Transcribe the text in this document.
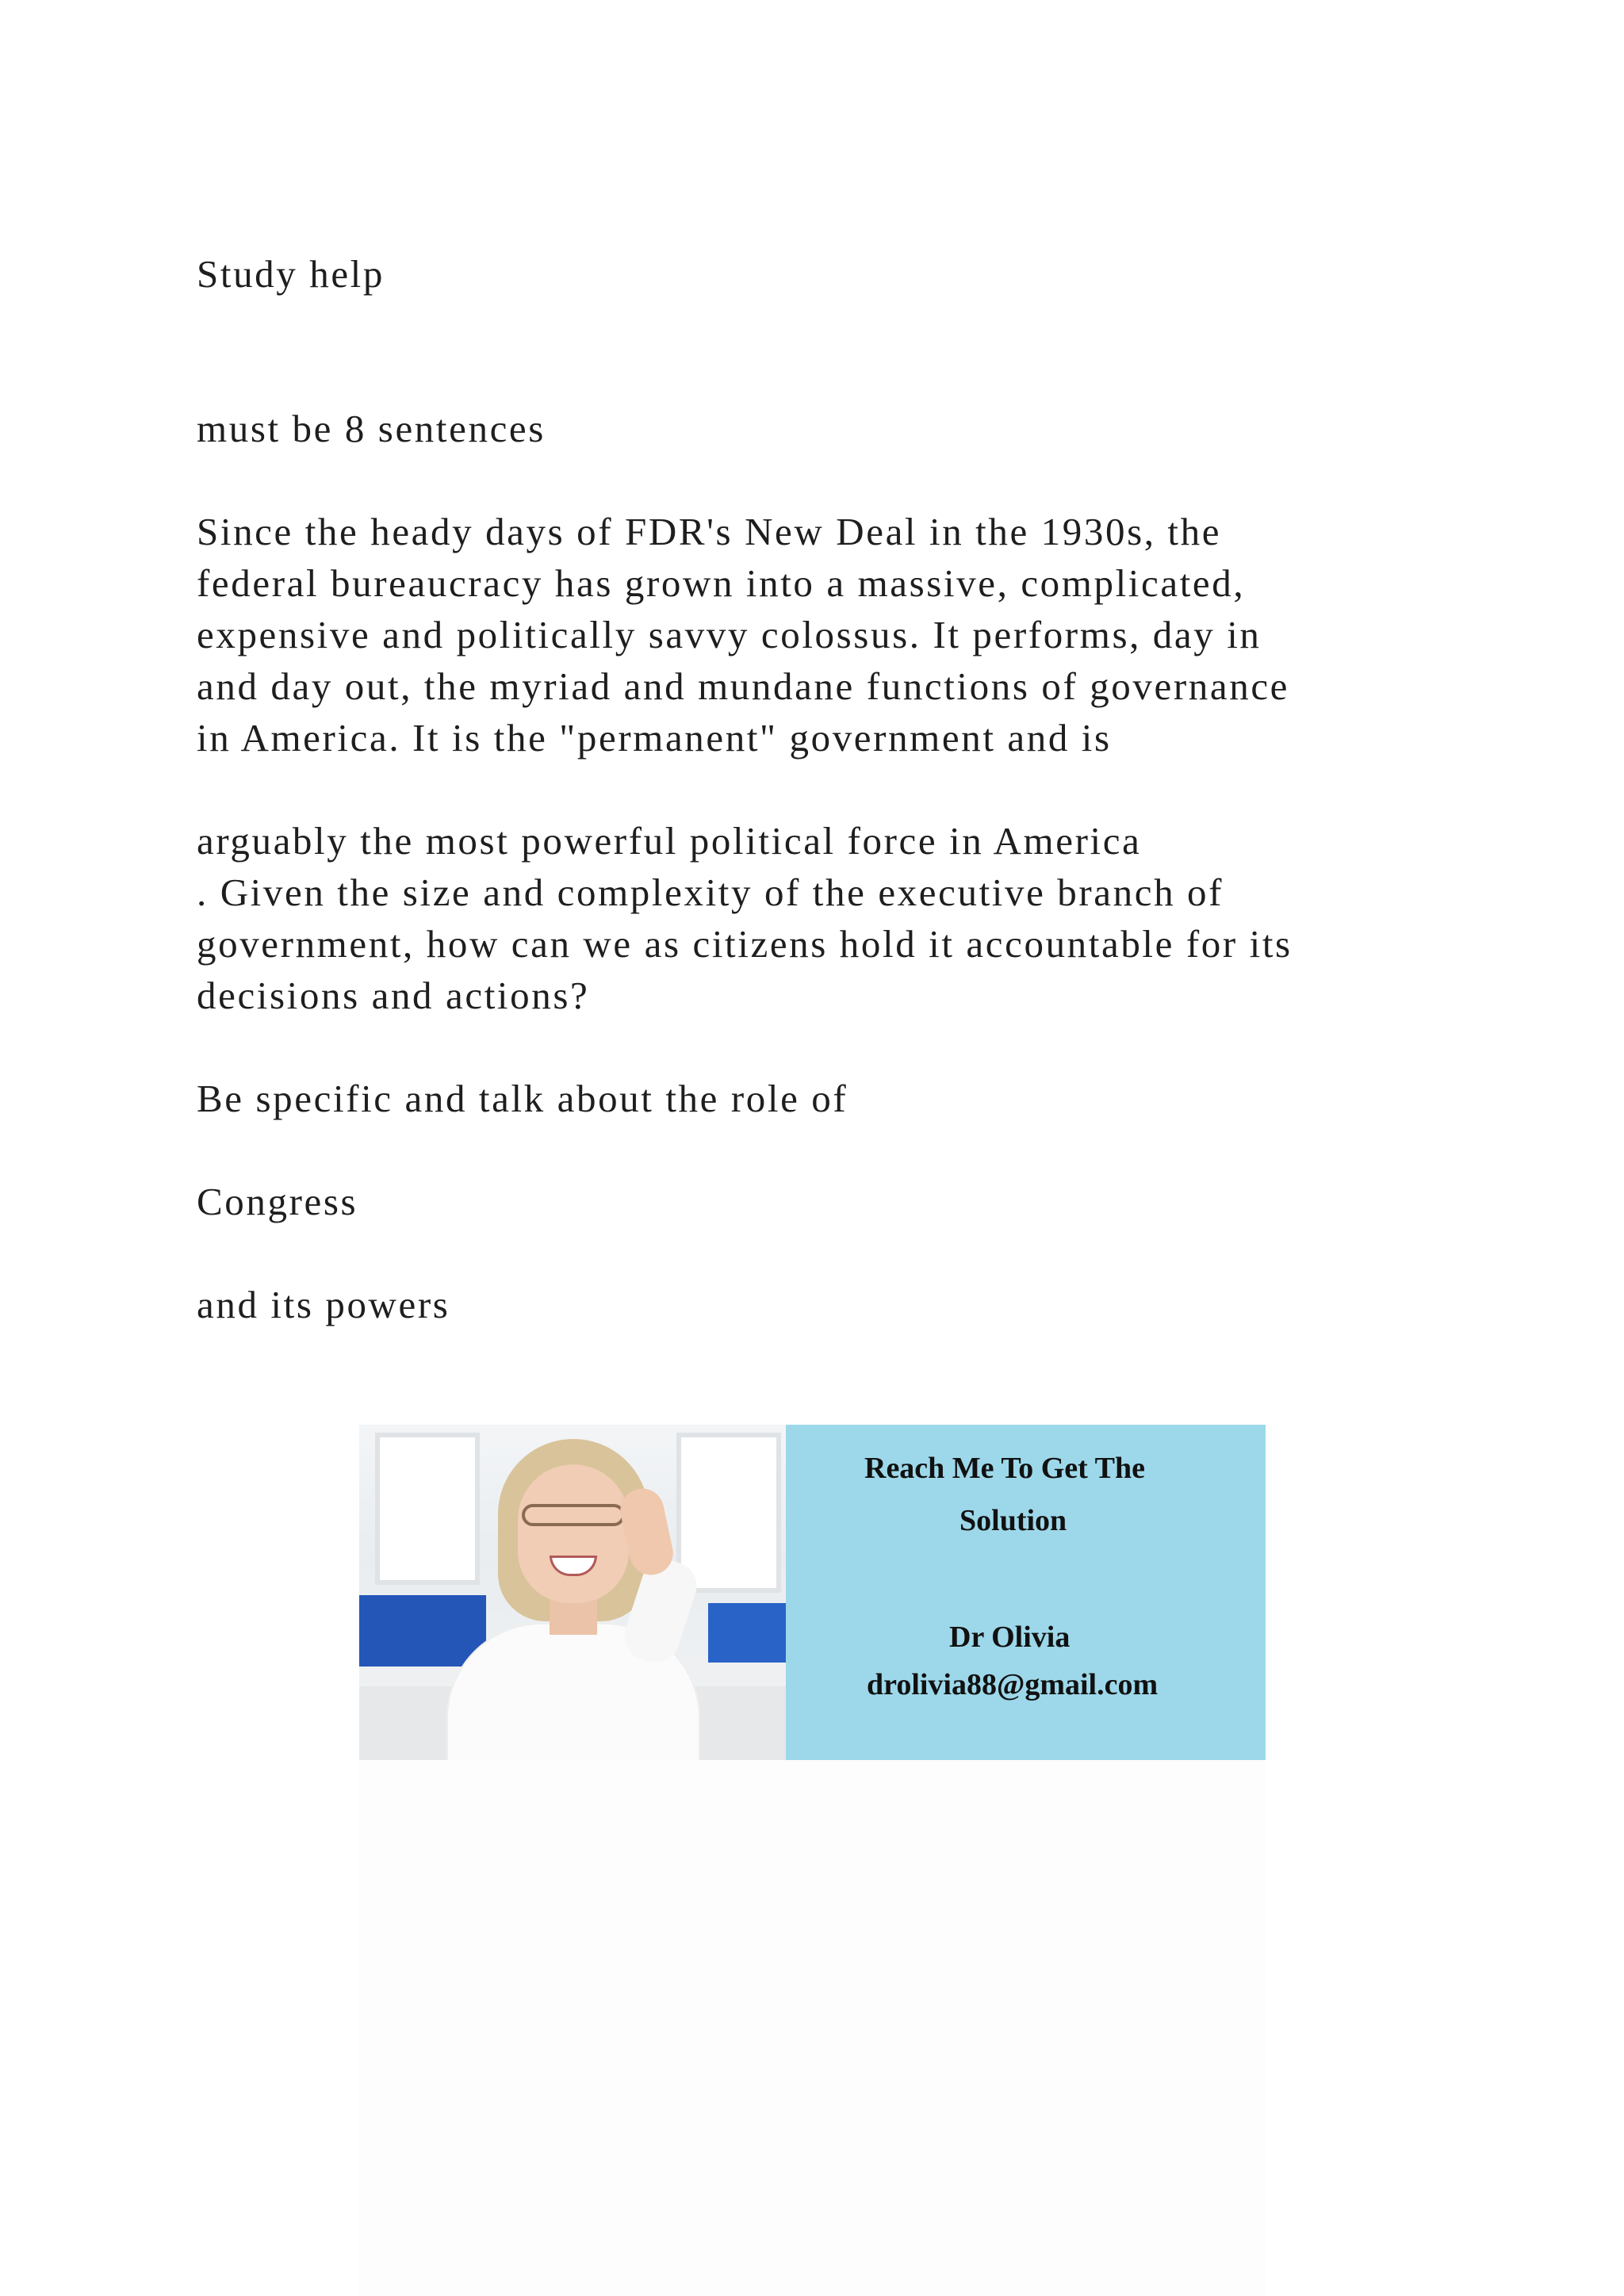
Study help

must be 8 sentences

Since the heady days of FDR's New Deal in the 1930s, the
federal bureaucracy has grown into a massive, complicated,
expensive and politically savvy colossus. It performs, day in
and day out, the myriad and mundane functions of governance
in America. It is the "permanent" government and is

arguably the most powerful political force in America
. Given the size and complexity of the executive branch of
government, how can we as citizens hold it accountable for its
decisions and actions?

Be specific and talk about the role of

Congress

and its powers

Reach Me To Get The
Solution
Dr Olivia
drolivia88@gmail.com
